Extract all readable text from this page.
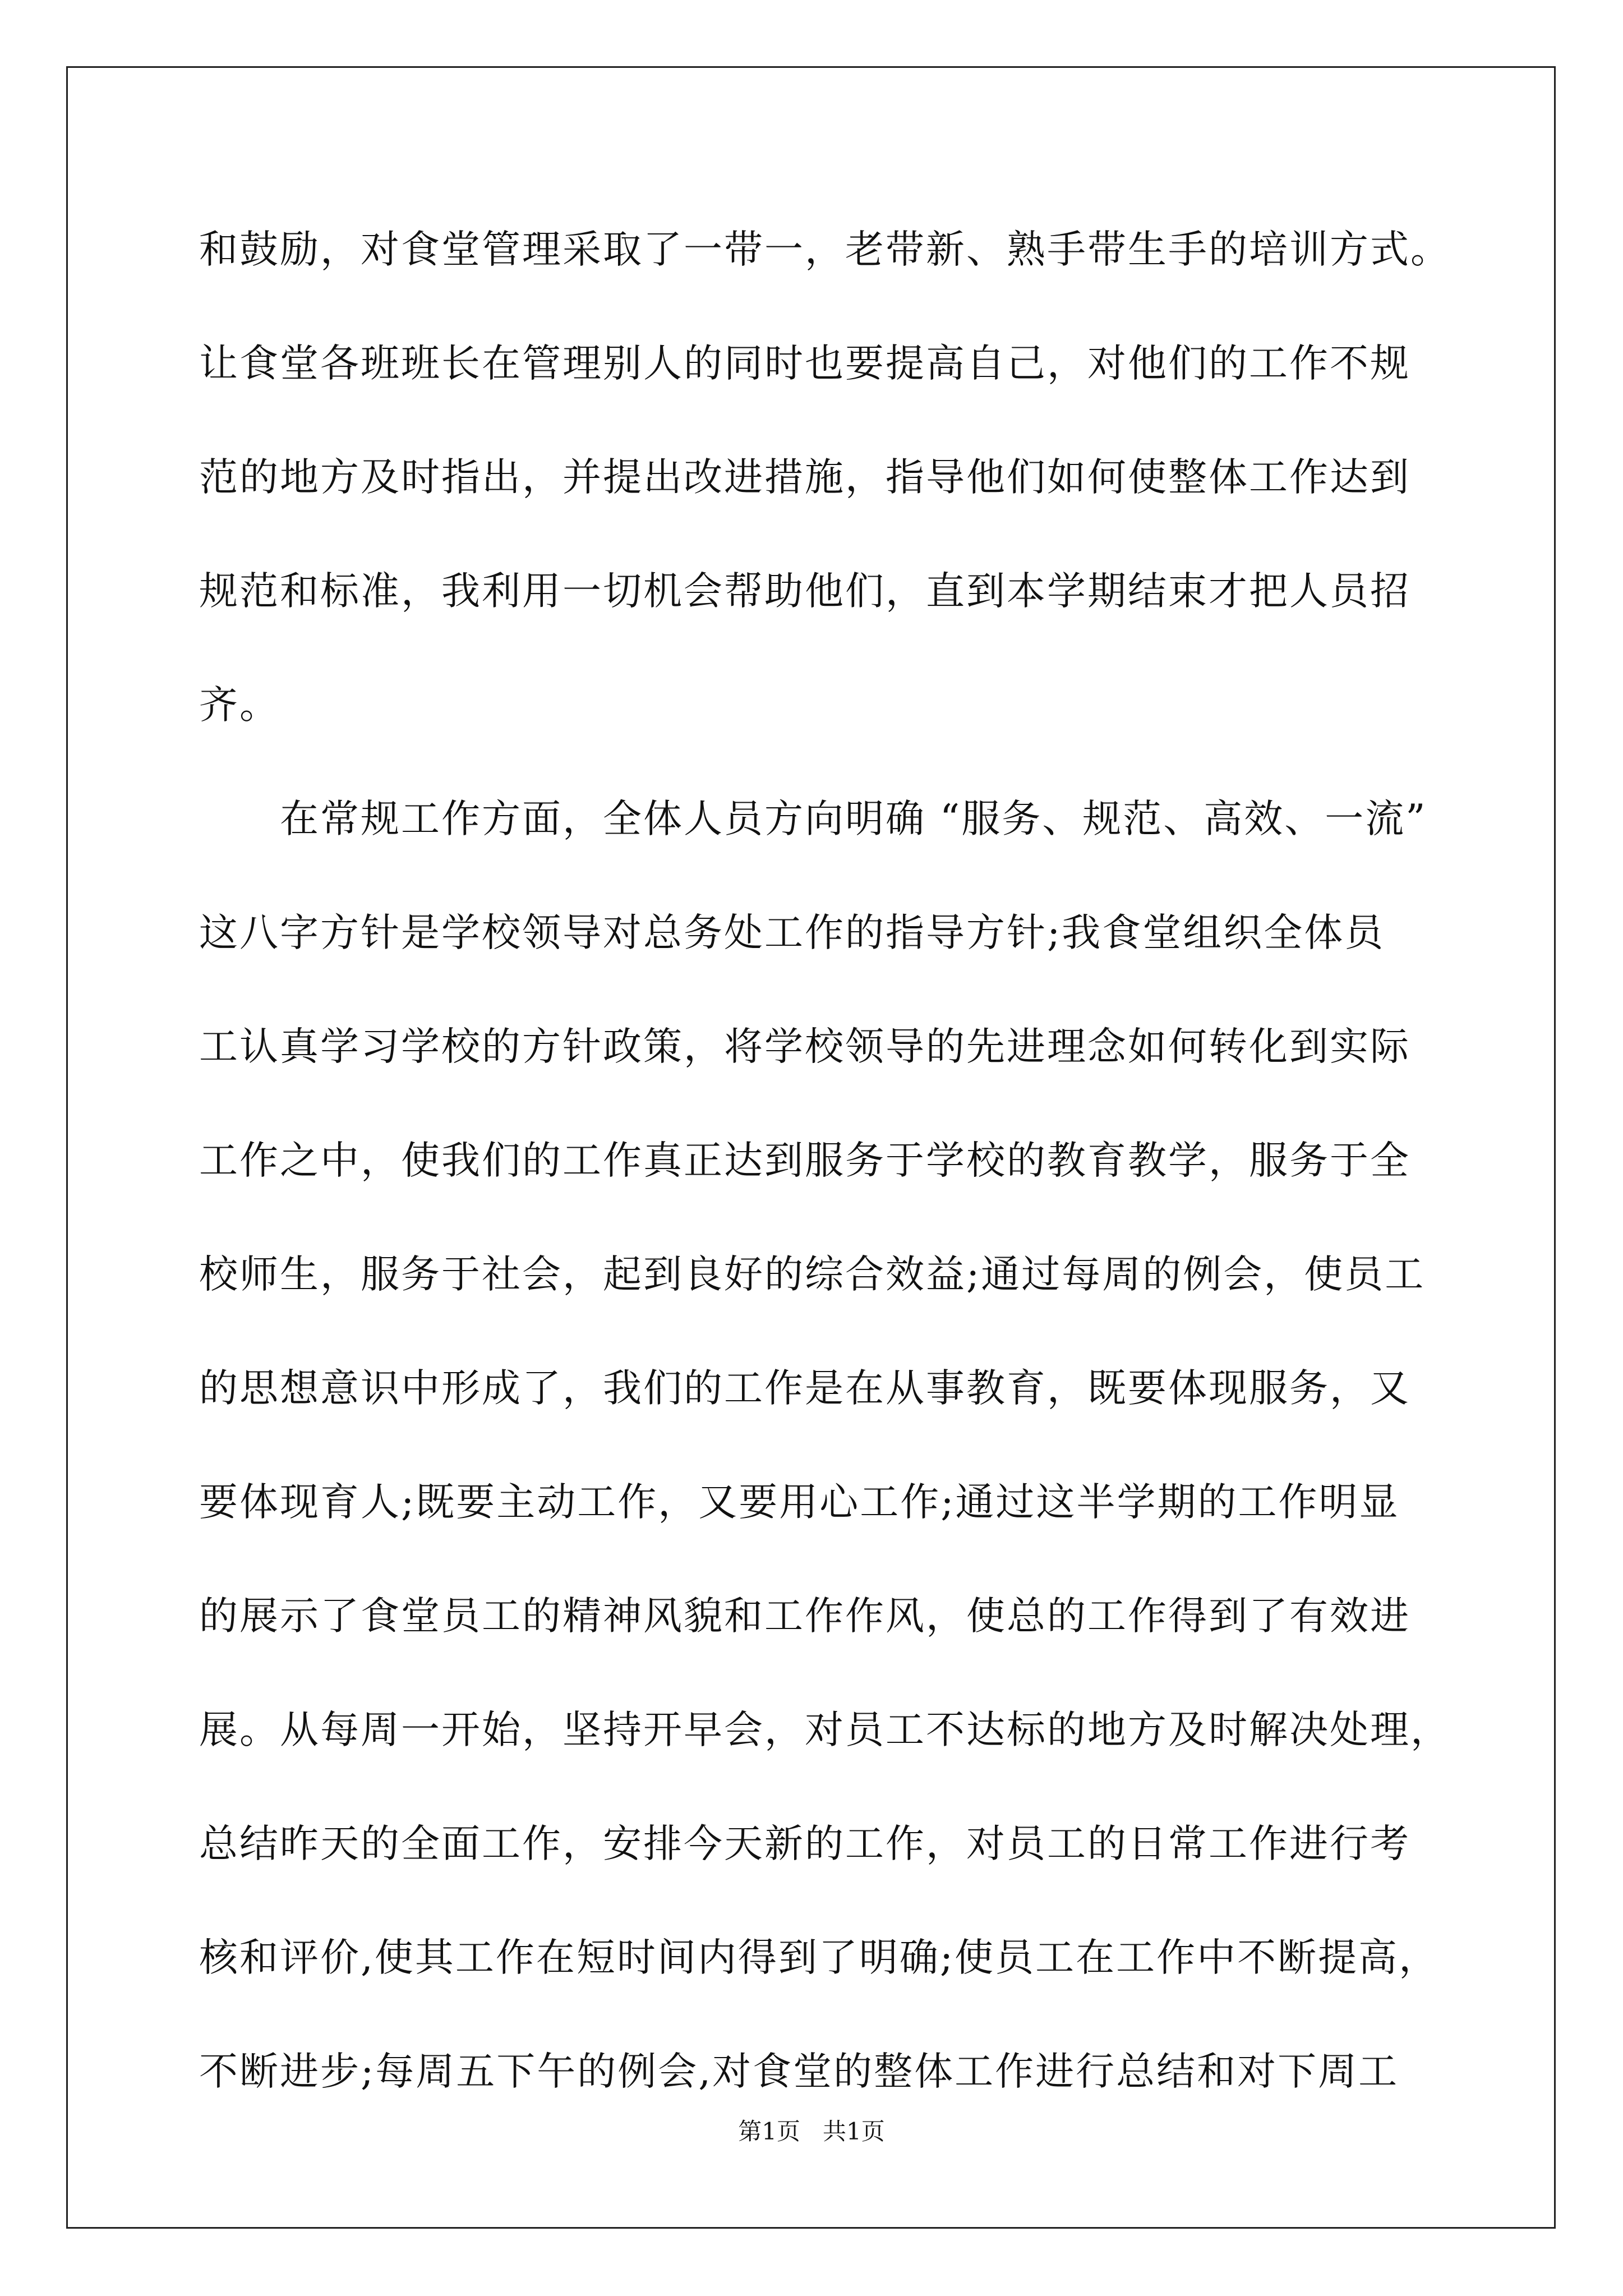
和鼓励，对食堂管理采取了一带一，老带新、熟手带生手的培训方式。
让食堂各班班长在管理别人的同时也要提高自己，对他们的工作不规
范的地方及时指出，并提出改进措施，指导他们如何使整体工作达到
规范和标准，我利用一切机会帮助他们，直到本学期结束才把人员招
齐。
　　在常规工作方面，全体人员方向明确 “服务、规范、高效、一流”
这八字方针是学校领导对总务处工作的指导方针;我食堂组织全体员
工认真学习学校的方针政策，将学校领导的先进理念如何转化到实际
工作之中，使我们的工作真正达到服务于学校的教育教学，服务于全
校师生，服务于社会，起到良好的综合效益;通过每周的例会，使员工
的思想意识中形成了，我们的工作是在从事教育，既要体现服务，又
要体现育人;既要主动工作，又要用心工作;通过这半学期的工作明显
的展示了食堂员工的精神风貌和工作作风，使总的工作得到了有效进
展。从每周一开始，坚持开早会，对员工不达标的地方及时解决处理，
总结昨天的全面工作，安排今天新的工作，对员工的日常工作进行考
核和评价,使其工作在短时间内得到了明确;使员工在工作中不断提高，
不断进步;每周五下午的例会,对食堂的整体工作进行总结和对下周工
第1页   共1页
